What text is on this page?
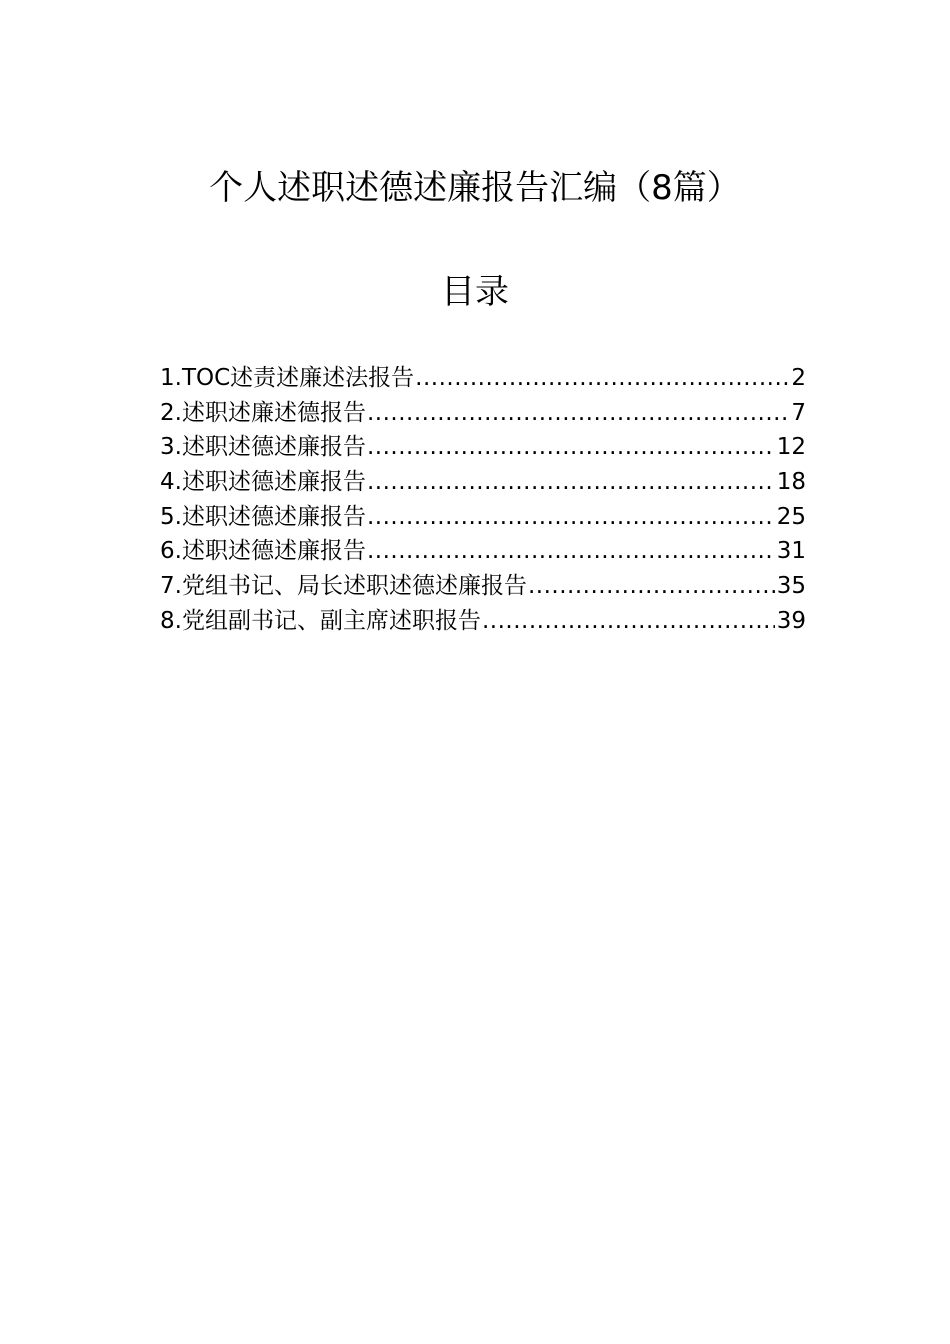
个人述职述德述廉报告汇编（8篇）
目录
1.TOC述责述廉述法报告 .....	2
2.述职述廉述德报告 .....	7
3.述职述德述廉报告 .....	12
4.述职述德述廉报告 .....	18
5.述职述德述廉报告 .....	25
6.述职述德述廉报告 .....	31
7.党组书记、局长述职述德述廉报告 .....	35
8.党组副书记、副主席述职报告 .....	39
